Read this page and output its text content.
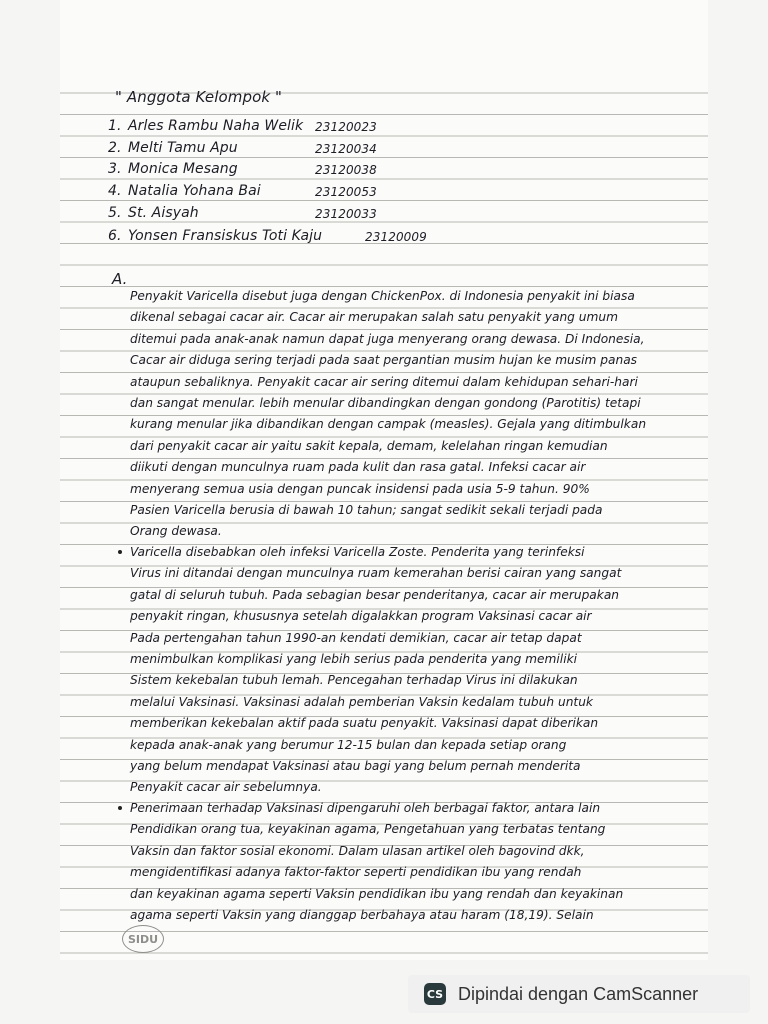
" Anggota Kelompok "
1. Arles Rambu Naha Welik 23120023
2. Melti Tamu Apu	23120034
3. Monica Mesang	23120038
4. Natalia Yohana Bai	23120053
5. St. Aisyah	23120033
6. Yonsen Fransiskus Toti Kaju	23120009
A.
Penyakit Varicella disebut juga dengan ChickenPox. di Indonesia penyakit ini biasa
dikenal sebagai cacar air. Cacar air merupakan salah satu penyakit yang umum
ditemui pada anak-anak namun dapat juga menyerang orang dewasa. Di Indonesia,
Cacar air diduga sering terjadi pada saat pergantian musim hujan ke musim panas
ataupun sebaliknya. Penyakit cacar air sering ditemui dalam kehidupan sehari-hari
dan sangat menular. lebih menular dibandingkan dengan gondong (Parotitis) tetapi
kurang menular jika dibandikan dengan campak (measles). Gejala yang ditimbulkan
dari penyakit cacar air yaitu sakit kepala, demam, kelelahan ringan kemudian
diikuti dengan munculnya ruam pada kulit dan rasa gatal. Infeksi cacar air
menyerang semua usia dengan puncak insidensi pada usia 5-9 tahun. 90%
Pasien Varicella berusia di bawah 10 tahun; sangat sedikit sekali terjadi pada
Orang dewasa.
Varicella disebabkan oleh infeksi Varicella Zoste. Penderita yang terinfeksi
Virus ini ditandai dengan munculnya ruam kemerahan berisi cairan yang sangat
gatal di seluruh tubuh. Pada sebagian besar penderitanya, cacar air merupakan
penyakit ringan, khususnya setelah digalakkan program Vaksinasi cacar air
Pada pertengahan tahun 1990-an kendati demikian, cacar air tetap dapat
menimbulkan komplikasi yang lebih serius pada penderita yang memiliki
Sistem kekebalan tubuh lemah. Pencegahan terhadap Virus ini dilakukan
melalui Vaksinasi. Vaksinasi adalah pemberian Vaksin kedalam tubuh untuk
memberikan kekebalan aktif pada suatu penyakit. Vaksinasi dapat diberikan
kepada anak-anak yang berumur 12-15 bulan dan kepada setiap orang
yang belum mendapat Vaksinasi atau bagi yang belum pernah menderita
Penyakit cacar air sebelumnya.
Penerimaan terhadap Vaksinasi dipengaruhi oleh berbagai faktor, antara lain
Pendidikan orang tua, keyakinan agama, Pengetahuan yang terbatas tentang
Vaksin dan faktor sosial ekonomi. Dalam ulasan artikel oleh bagovind dkk,
mengidentifikasi adanya faktor-faktor seperti pendidikan ibu yang rendah
dan keyakinan agama seperti Vaksin pendidikan ibu yang rendah dan keyakinan
agama seperti Vaksin yang dianggap berbahaya atau haram (18,19). Selain
SIDU
CS Dipindai dengan CamScanner
